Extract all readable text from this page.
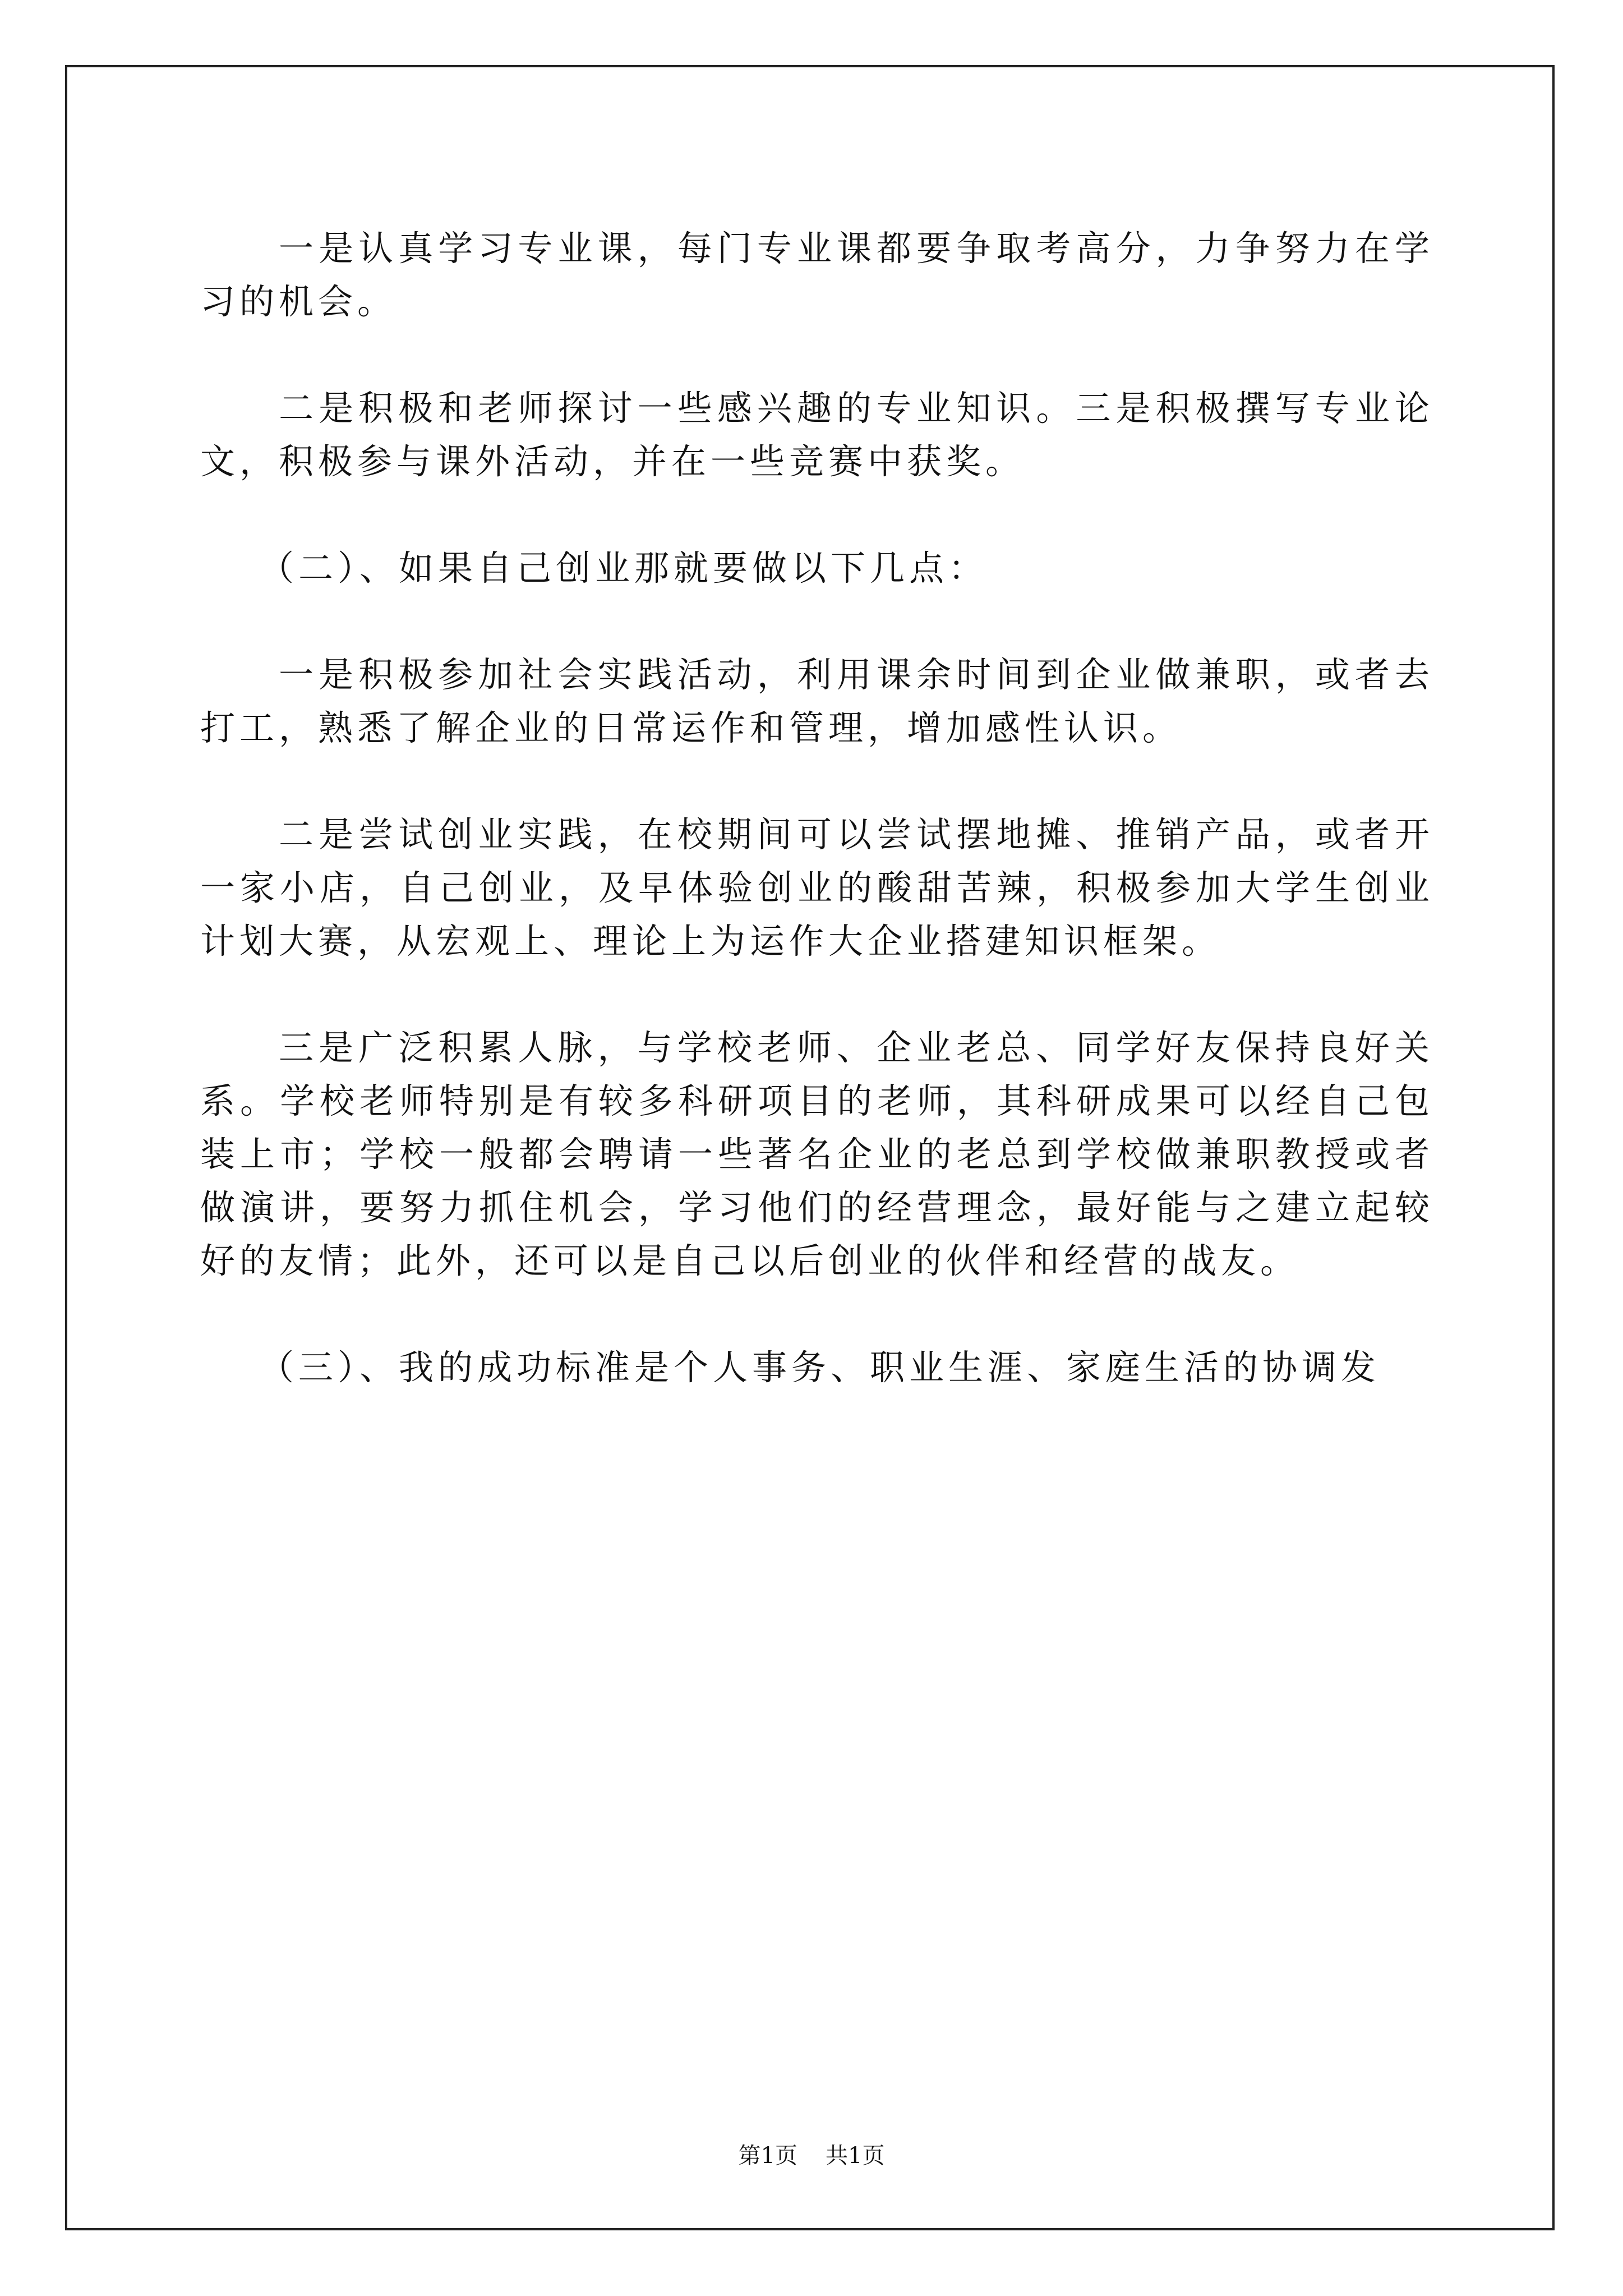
一是认真学习专业课，每门专业课都要争取考高分，力争努力在学习的机会。

二是积极和老师探讨一些感兴趣的专业知识。三是积极撰写专业论文，积极参与课外活动，并在一些竞赛中获奖。

（二）、如果自己创业那就要做以下几点：

一是积极参加社会实践活动，利用课余时间到企业做兼职，或者去打工，熟悉了解企业的日常运作和管理，增加感性认识。

二是尝试创业实践，在校期间可以尝试摆地摊、推销产品，或者开一家小店，自己创业，及早体验创业的酸甜苦辣，积极参加大学生创业计划大赛，从宏观上、理论上为运作大企业搭建知识框架。

三是广泛积累人脉，与学校老师、企业老总、同学好友保持良好关系。学校老师特别是有较多科研项目的老师，其科研成果可以经自己包装上市；学校一般都会聘请一些著名企业的老总到学校做兼职教授或者做演讲，要努力抓住机会，学习他们的经营理念，最好能与之建立起较好的友情；此外，还可以是自己以后创业的伙伴和经营的战友。

（三）、我的成功标准是个人事务、职业生涯、家庭生活的协调发

第1页 共1页
